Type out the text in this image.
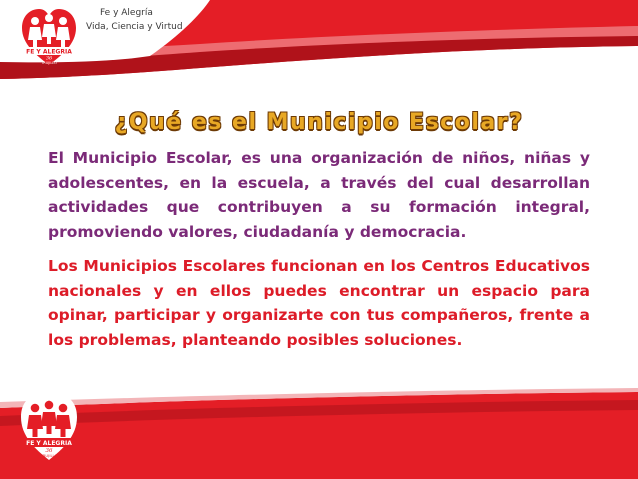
FE Y ALEGRIA
36
TRUJILLO
Fe y Alegría
Vida, Ciencia y Virtud
¿Qué es el Municipio Escolar?

El Municipio Escolar, es una organización de niños, niñas y adolescentes, en la escuela, a través del cual desarrollan actividades que contribuyen a su formación integral, promoviendo valores, ciudadanía y democracia.

Los Municipios Escolares funcionan en los Centros Educativos nacionales y en ellos puedes encontrar un espacio para opinar, participar y organizarte con tus compañeros, frente a los problemas, planteando posibles soluciones.

FE Y ALEGRIA
36
TRUJILLO
